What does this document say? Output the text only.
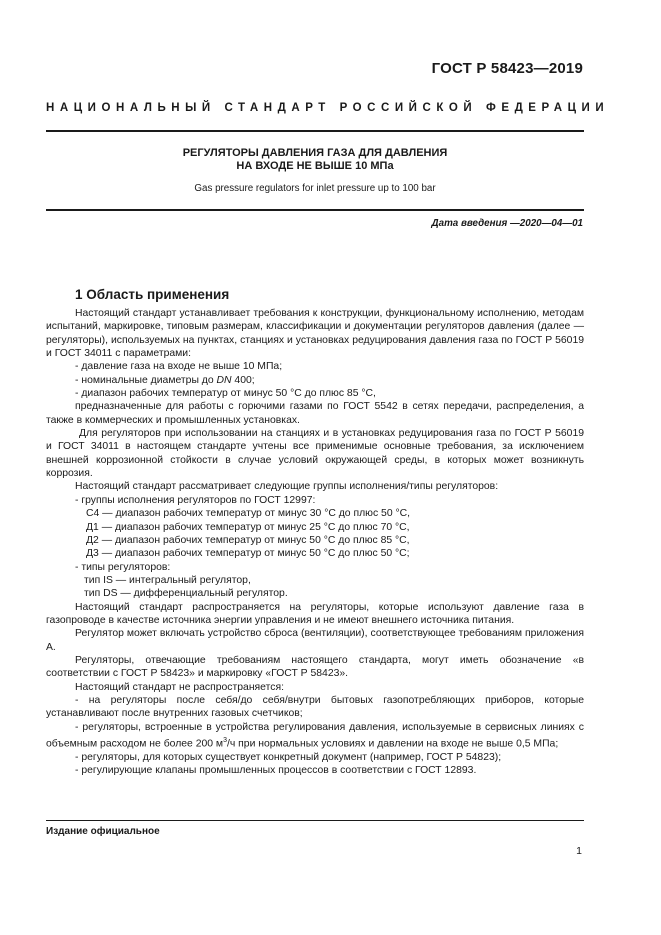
ГОСТ Р 58423—2019
НАЦИОНАЛЬНЫЙ СТАНДАРТ РОССИЙСКОЙ ФЕДЕРАЦИИ
РЕГУЛЯТОРЫ ДАВЛЕНИЯ ГАЗА ДЛЯ ДАВЛЕНИЯ
НА ВХОДЕ НЕ ВЫШЕ 10 МПа
Gas pressure regulators for inlet pressure up to 100 bar
Дата введения —2020—04—01
1 Область применения

Настоящий стандарт устанавливает требования к конструкции, функциональному исполнению, методам испытаний, маркировке, типовым размерам, классификации и документации регуляторов давления (далее — регуляторы), используемых на пунктах, станциях и установках редуцирования давления газа по ГОСТ Р 56019 и ГОСТ 34011 с параметрами:

- давление газа на входе не выше 10 МПа;

- номинальные диаметры до DN 400;

- диапазон рабочих температур от минус 50 °С до плюс 85 °С,

предназначенные для работы с горючими газами по ГОСТ 5542 в сетях передачи, распределения, а также в коммерческих и промышленных установках.

Для регуляторов при использовании на станциях и в установках редуцирования газа по ГОСТ Р 56019 и ГОСТ 34011 в настоящем стандарте учтены все применимые основные требования, за исключением внешней коррозионной стойкости в случае условий окружающей среды, в которых может возникнуть коррозия.

Настоящий стандарт рассматривает следующие группы исполнения/типы регуляторов:

- группы исполнения регуляторов по ГОСТ 12997:

С4 — диапазон рабочих температур от минус 30 °С до плюс 50 °С,

Д1 — диапазон рабочих температур от минус 25 °С до плюс 70 °С,

Д2 — диапазон рабочих температур от минус 50 °С до плюс 85 °С,

Д3 — диапазон рабочих температур от минус 50 °С до плюс 50 °С;

- типы регуляторов:

тип IS — интегральный регулятор,

тип DS — дифференциальный регулятор.

Настоящий стандарт распространяется на регуляторы, которые используют давление газа в газопроводе в качестве источника энергии управления и не имеют внешнего источника питания.

Регулятор может включать устройство сброса (вентиляции), соответствующее требованиям приложения А.

Регуляторы, отвечающие требованиям настоящего стандарта, могут иметь обозначение «в соответствии с ГОСТ Р 58423» и маркировку «ГОСТ Р 58423».

Настоящий стандарт не распространяется:

- на регуляторы после себя/до себя/внутри бытовых газопотребляющих приборов, которые устанавливают после внутренних газовых счетчиков;

- регуляторы, встроенные в устройства регулирования давления, используемые в сервисных линиях с объемным расходом не более 200 $м^3/ч$ при нормальных условиях и давлении на входе не выше 0,5 МПа;

- регуляторы, для которых существует конкретный документ (например, ГОСТ Р 54823);

- регулирующие клапаны промышленных процессов в соответствии с ГОСТ 12893.

Издание официальное
1
